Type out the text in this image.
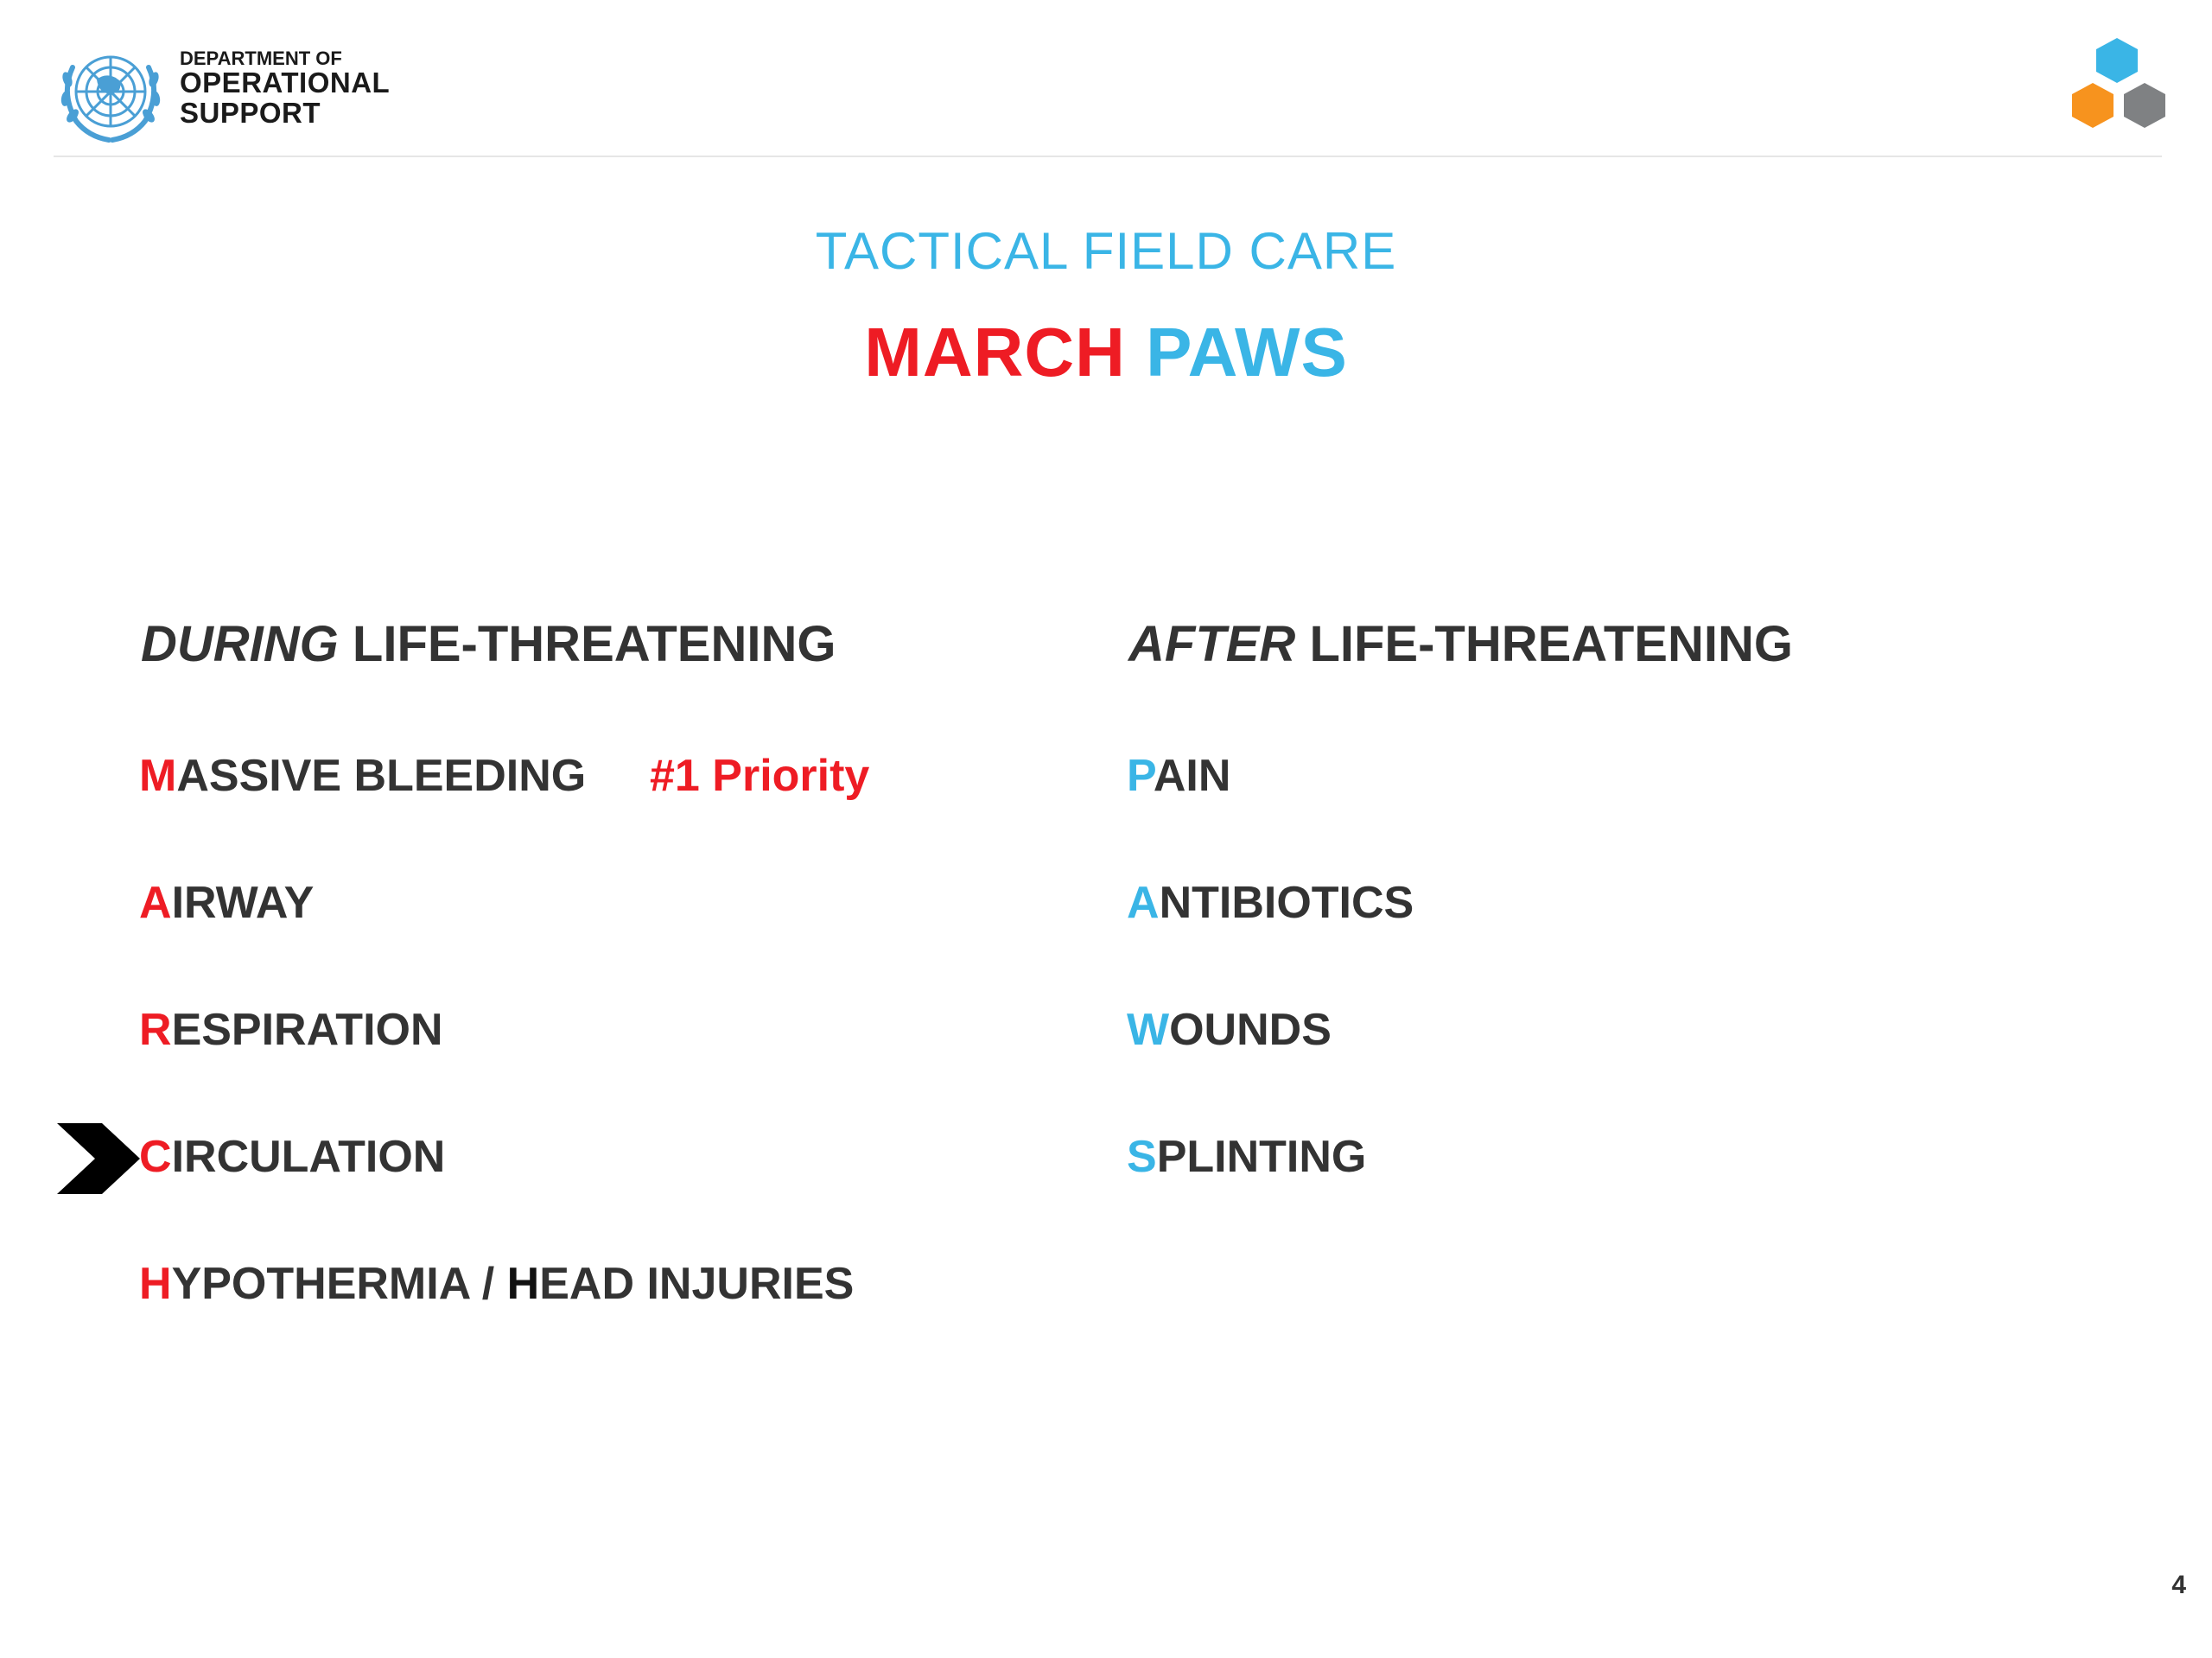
DEPARTMENT OF
OPERATIONAL
SUPPORT
TACTICAL FIELD CARE
MARCH PAWS
DURING LIFE-THREATENING	AFTER LIFE-THREATENING
MASSIVE BLEEDING #1 Priority
AIRWAY
RESPIRATION
CIRCULATION
HYPOTHERMIA / HEAD INJURIES
PAIN
ANTIBIOTICS
WOUNDS
SPLINTING
4
